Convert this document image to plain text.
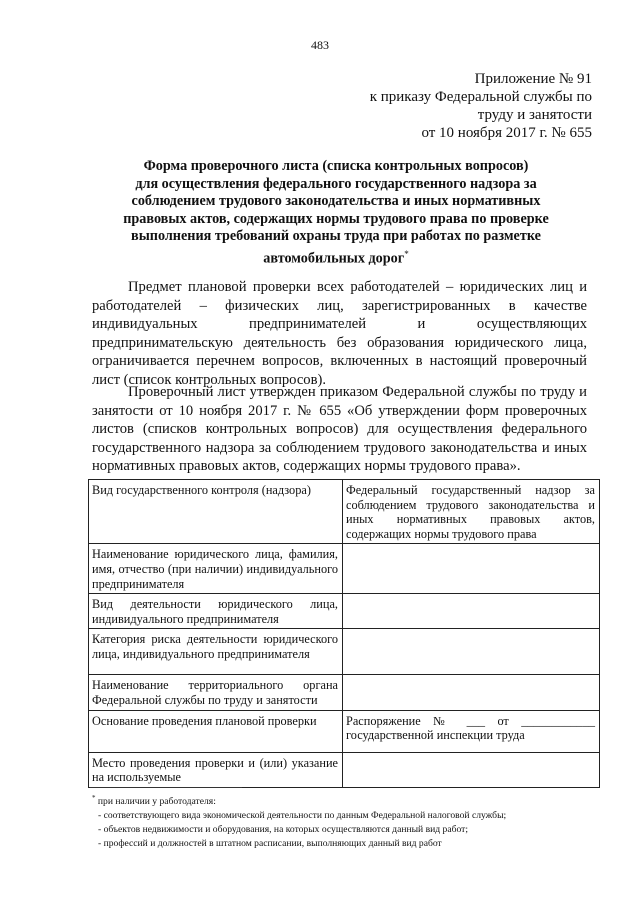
483
Приложение № 91
к приказу Федеральной службы по
труду и занятости
от 10 ноября 2017 г. № 655
Форма проверочного листа (списка контрольных вопросов)
для осуществления федерального государственного надзора за
соблюдением трудового законодательства и иных нормативных
правовых актов, содержащих нормы трудового права по проверке
выполнения требований охраны труда при работах по разметке
автомобильных дорог*
Предмет плановой проверки всех работодателей – юридических лиц и работодателей – физических лиц, зарегистрированных в качестве индивидуальных предпринимателей и осуществляющих предпринимательскую деятельность без образования юридического лица, ограничивается перечнем вопросов, включенных в настоящий проверочный лист (список контрольных вопросов).
Проверочный лист утвержден приказом Федеральной службы по труду и занятости от 10 ноября 2017 г. № 655 «Об утверждении форм проверочных листов (списков контрольных вопросов) для осуществления федерального государственного надзора за соблюдением трудового законодательства и иных нормативных правовых актов, содержащих нормы трудового права».
Вид государственного контроля (надзора)	Федеральный государственный надзор за соблюдением трудового законодательства и иных нормативных правовых актов, содержащих нормы трудового права
Наименование юридического лица, фамилия, имя, отчество (при наличии) индивидуального предпринимателя	
Вид деятельности юридического лица, индивидуального предпринимателя	
Категория риска деятельности юридического лица, индивидуального предпринимателя	
Наименование территориального органа Федеральной службы по труду и занятости	
Основание проведения плановой проверки	Распоряжение № ___ от ____________ государственной инспекции труда
Место проведения проверки и (или) указание на используемые	
* при наличии у работодателя:
- соответствующего вида экономической деятельности по данным Федеральной налоговой службы;
- объектов недвижимости и оборудования, на которых осуществляются данный вид работ;
- профессий и должностей в штатном расписании, выполняющих данный вид работ
